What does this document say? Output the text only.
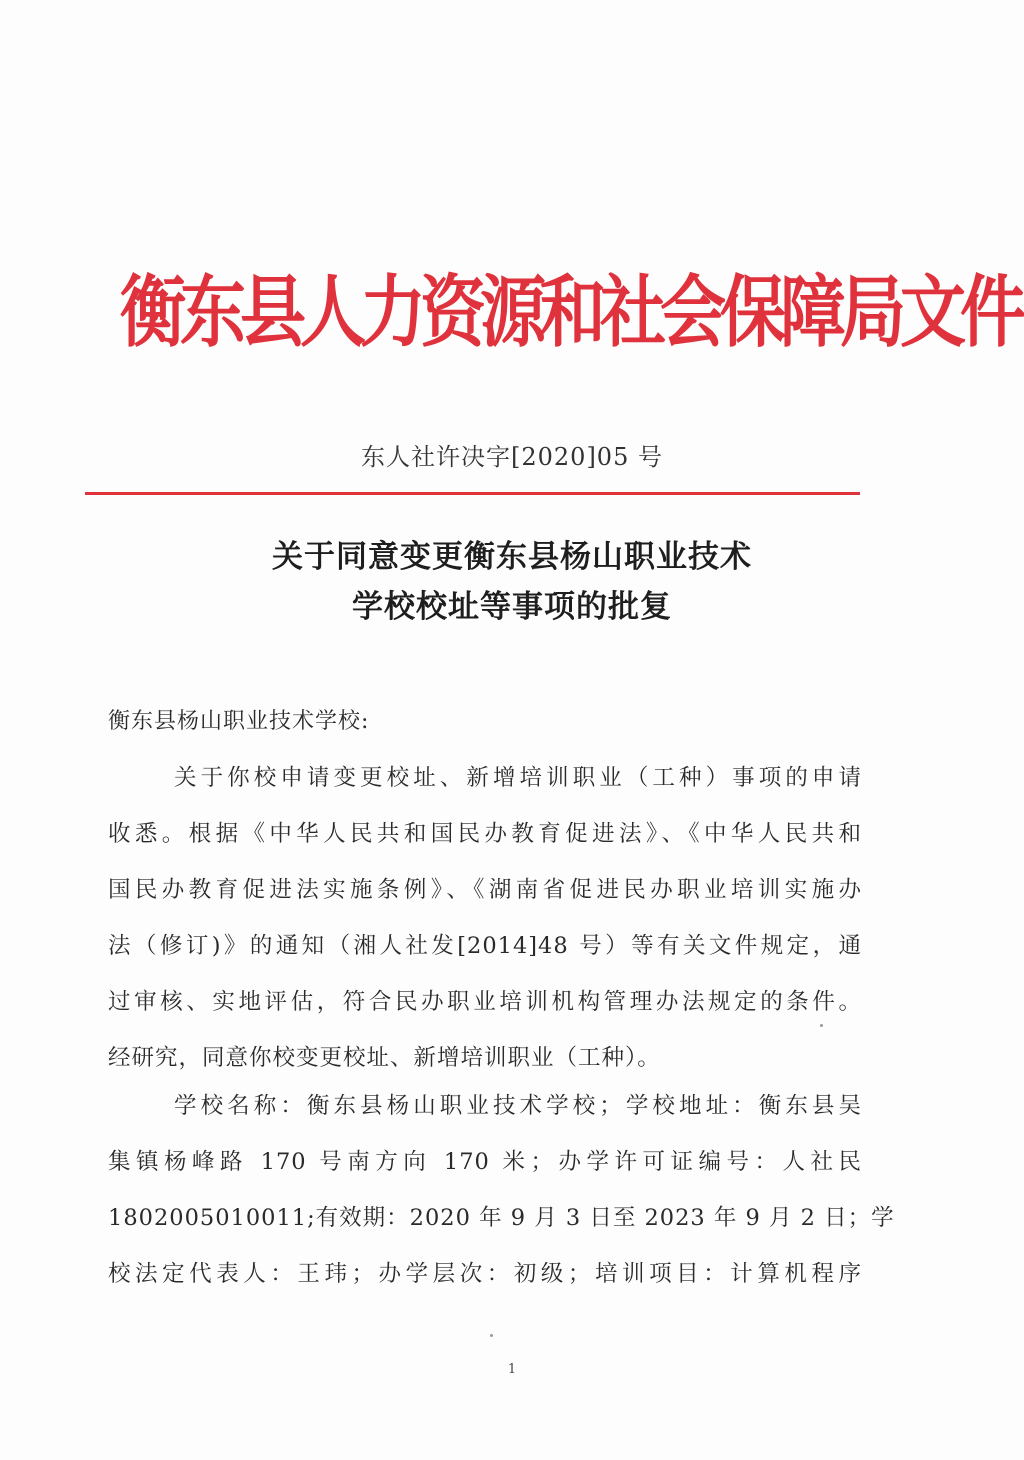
衡东县人力资源和社会保障局文件
东人社许决字[2020]05 号
关于同意变更衡东县杨山职业技术
学校校址等事项的批复
衡东县杨山职业技术学校:
关于你校申请变更校址、新增培训职业（工种）事项的申请
收悉。根据《中华人民共和国民办教育促进法》、《中华人民共和
国民办教育促进法实施条例》、《湖南省促进民办职业培训实施办
法（修订)》的通知（湘人社发[2014]48 号）等有关文件规定，通
过审核、实地评估，符合民办职业培训机构管理办法规定的条件。
经研究，同意你校变更校址、新增培训职业（工种）。
学校名称：衡东县杨山职业技术学校；学校地址：衡东县吴
集镇杨峰路 170 号南方向 170 米；办学许可证编号：人社民
1802005010011;有效期：2020 年 9 月 3 日至 2023 年 9 月 2 日；学
校法定代表人：王玮；办学层次：初级；培训项目：计算机程序
1
